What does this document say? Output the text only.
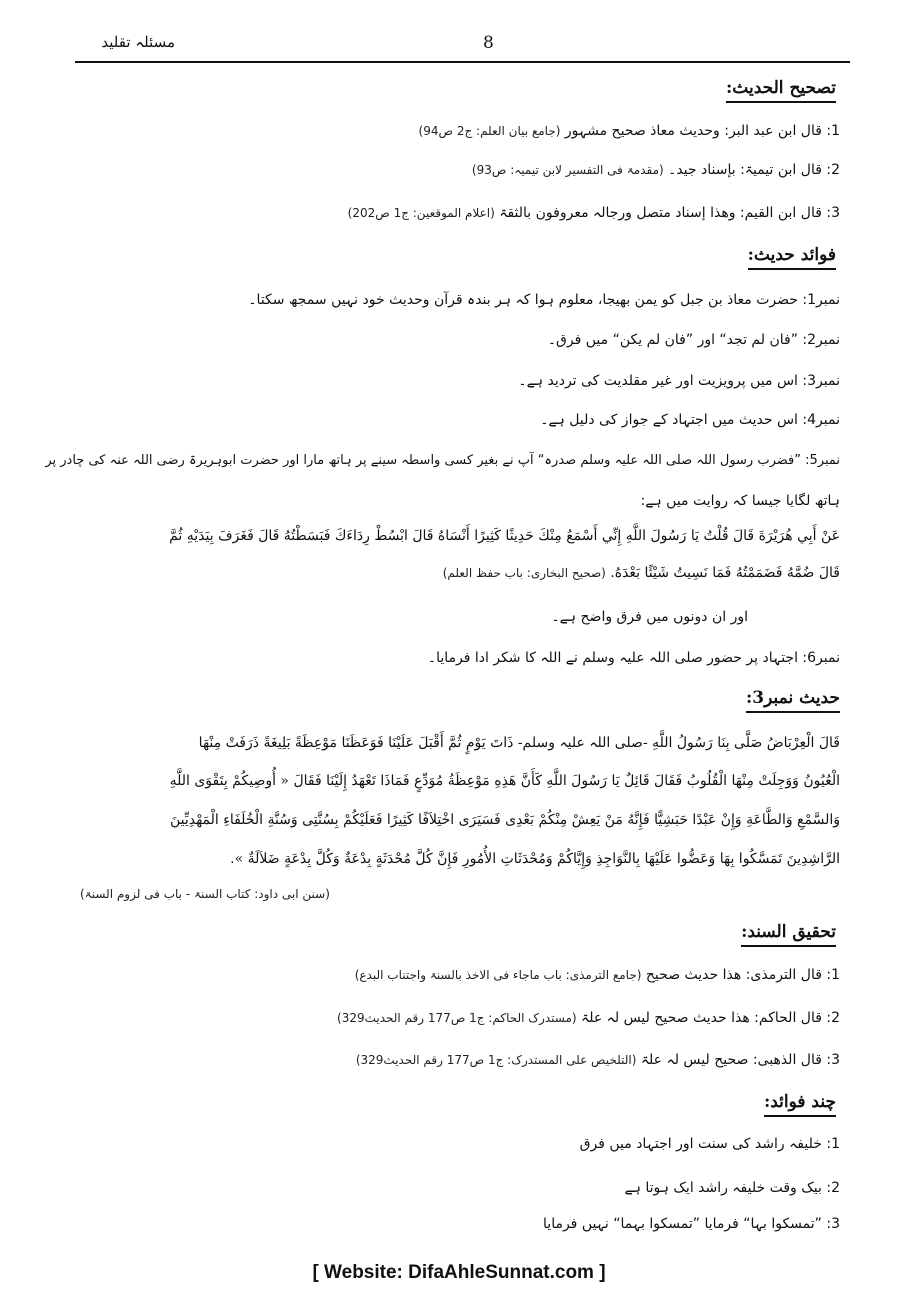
مسئلہ تقلید	8
تصحیح الحدیث:
1: قال ابن عبد البر: وحدیث معاذ صحیح مشہور (جامع بیان العلم: ج2 ص94)
2: قال ابن تیمیۃ: بإسناد جید۔ (مقدمۃ فی التفسیر لابن تیمیہ: ص93)
3: قال ابن القیم: وھذا إسناد متصل ورجالہ معروفون بالثقۃ (اعلام الموقعین: ج1 ص202)
فوائد حدیث:
نمبر1: حضرت معاذ بن جبل کو یمن بھیجا، معلوم ہوا کہ ہر بندہ قرآن وحدیث خود نہیں سمجھ سکتا۔
نمبر2: ”فان لم تجد“ اور ”فان لم یکن“ میں فرق۔
نمبر3: اس میں پرویزیت اور غیر مقلدیت کی تردید ہے۔
نمبر4: اس حدیث میں اجتہاد کے جواز کی دلیل ہے۔
نمبر5: ”فضرب رسول اللہ صلی اللہ علیہ وسلم صدرہ“ آپ نے بغیر کسی واسطہ سینے پر ہاتھ مارا اور حضرت ابوہریرۃ رضی اللہ عنہ کی چادر پر
ہاتھ لگایا جیسا کہ روایت میں ہے:
عَنْ أَبِي هُرَيْرَةَ قَالَ قُلْتُ يَا رَسُولَ اللَّهِ إِنِّي أَسْمَعُ مِنْكَ حَدِيثًا كَثِيرًا أَنْسَاهُ قَالَ ابْسُطْ رِدَاءَكَ فَبَسَطْتُهُ قَالَ فَغَرَفَ بِيَدَيْهِ ثُمَّ
قَالَ ضُمَّهُ فَضَمَمْتُهُ فَمَا نَسِيتُ شَيْئًا بَعْدَهُ. (صحیح البخاری: باب حفظ العلم)
اور ان دونوں میں فرق واضح ہے۔
نمبر6: اجتہاد پر حضور صلی اللہ علیہ وسلم نے اللہ کا شکر ادا فرمایا۔
حدیث نمبر3:
قَالَ الْعِرْبَاضُ صَلَّى بِنَا رَسُولُ اللَّهِ -صلی اللہ علیہ وسلم- ذَاتَ يَوْمٍ ثُمَّ أَقْبَلَ عَلَيْنَا فَوَعَظَنَا مَوْعِظَةً بَلِيغَةً ذَرَفَتْ مِنْهَا
الْعُيُونُ وَوَجِلَتْ مِنْهَا الْقُلُوبُ فَقَالَ قَائِلٌ يَا رَسُولَ اللَّهِ كَأَنَّ هَذِهِ مَوْعِظَةُ مُوَدِّعٍ فَمَاذَا تَعْهَدُ إِلَيْنَا فَقَالَ « أُوصِيكُمْ بِتَقْوَى اللَّهِ
وَالسَّمْعِ وَالطَّاعَةِ وَإِنْ عَبْدًا حَبَشِيًّا فَإِنَّهُ مَنْ يَعِشْ مِنْكُمْ بَعْدِى فَسَيَرَى اخْتِلاَفًا كَثِيرًا فَعَلَيْكُمْ بِسُنَّتِى وَسُنَّةِ الْخُلَفَاءِ الْمَهْدِيِّينَ
الرَّاشِدِينَ تَمَسَّكُوا بِهَا وَعَضُّوا عَلَيْهَا بِالنَّوَاجِذِ وَإِيَّاكُمْ وَمُحْدَثَاتِ الأُمُورِ فَإِنَّ كُلَّ مُحْدَثَةٍ بِدْعَةٌ وَكُلَّ بِدْعَةٍ ضَلاَلَةٌ ».
(سنن ابی داود: کتاب السنۃ - باب فی لزوم السنۃ)
تحقیق السند:
1: قال الترمذی: ھذا حدیث صحیح (جامع الترمذی: باب ماجاء فی الاخذ بالسنۃ واجتناب البدع)
2: قال الحاکم: ھذا حدیث صحیح لیس لہ علۃ (مستدرک الحاکم: ج1 ص177 رقم الحدیث329)
3: قال الذھبی: صحیح لیس لہ علۃ (التلخیص علی المستدرک: ج1 ص177 رقم الحدیث329)
چند فوائد:
1: خلیفہ راشد کی سنت اور اجتہاد میں فرق
2: بیک وقت خلیفہ راشد ایک ہوتا ہے
3: ”تمسکوا بہا“ فرمایا ”تمسکوا بہما“ نہیں فرمایا
[ Website: DifaAhleSunnat.com ]
